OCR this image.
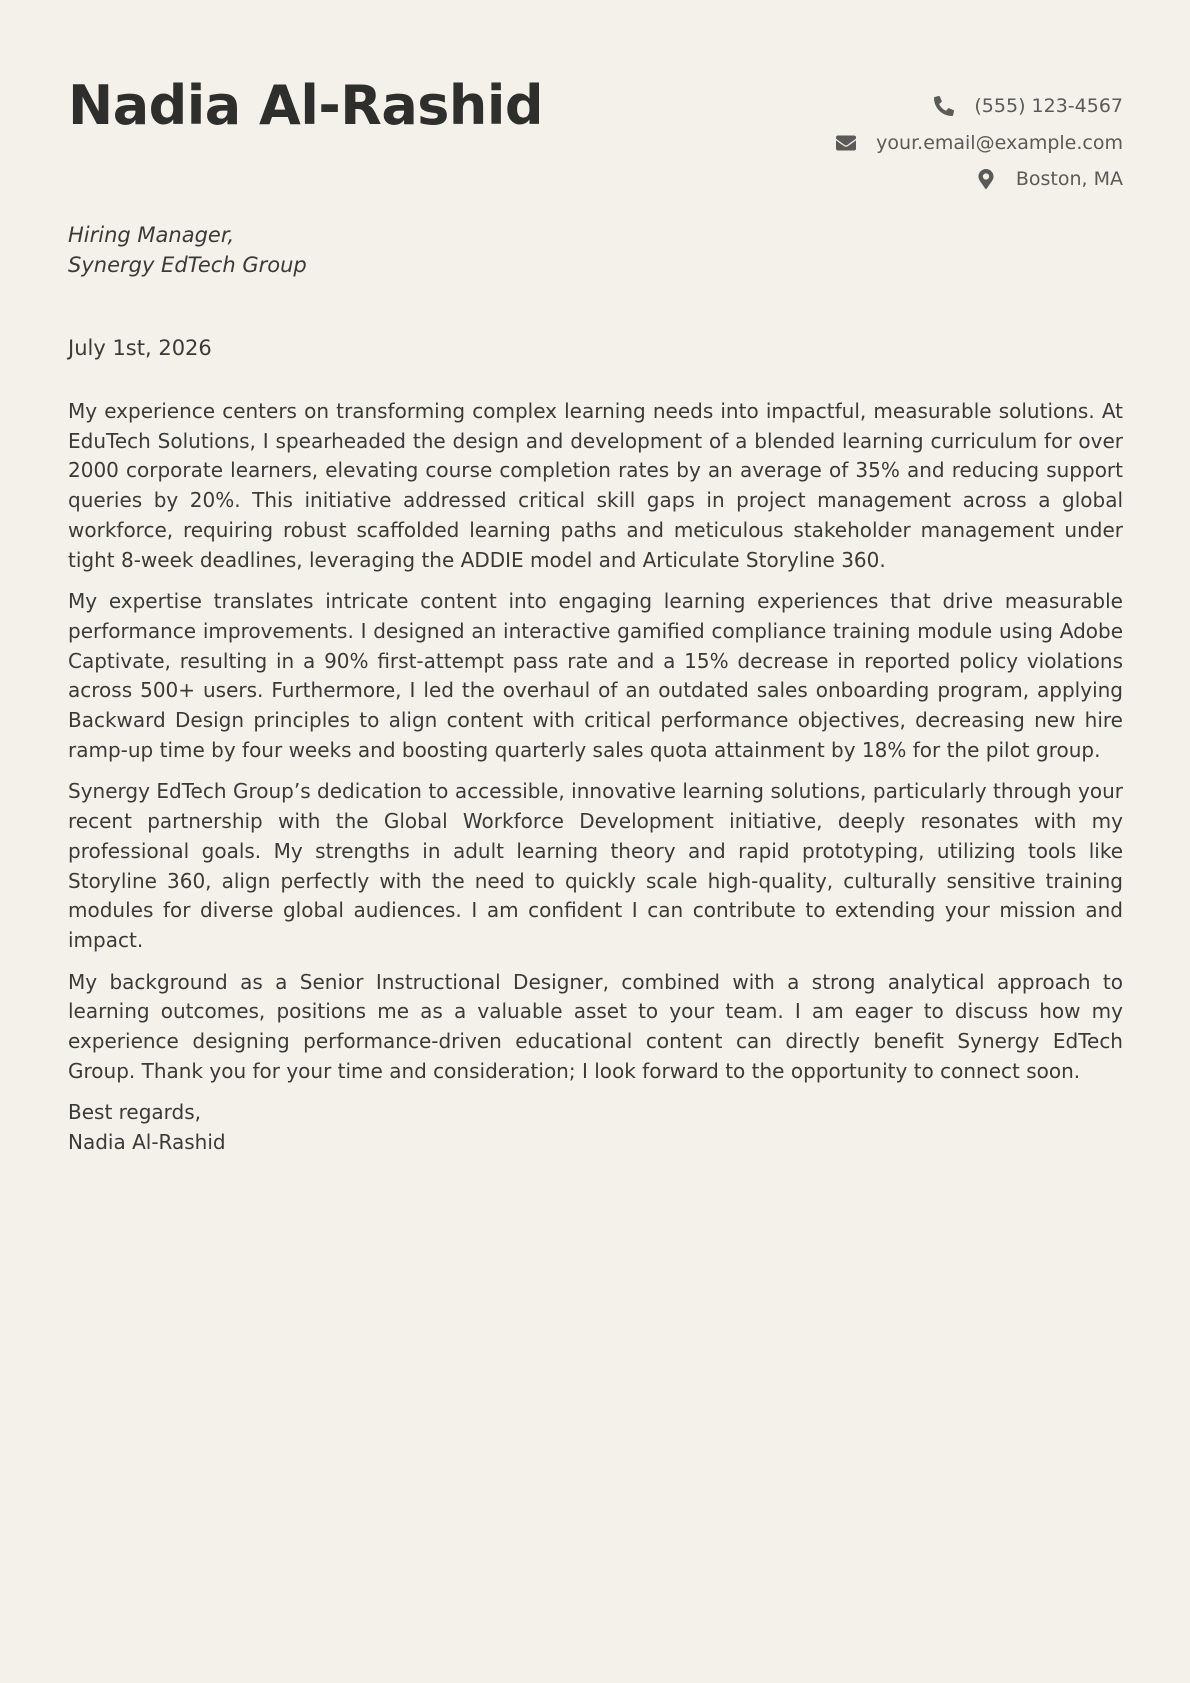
Nadia Al-Rashid	(555) 123-4567
your.email@example.com
Boston, MA
Hiring Manager,
Synergy EdTech Group
July 1st, 2026

My experience centers on transforming complex learning needs into impactful, measurable solutions. At EduTech Solutions, I spearheaded the design and development of a blended learning curriculum for over 2000 corporate learners, elevating course completion rates by an average of 35% and reducing support queries by 20%. This initiative addressed critical skill gaps in project management across a global workforce, requiring robust scaffolded learning paths and meticulous stakeholder management under tight 8-week deadlines, leveraging the ADDIE model and Articulate Storyline 360.

My expertise translates intricate content into engaging learning experiences that drive measurable performance improvements. I designed an interactive gamified compliance training module using Adobe Captivate, resulting in a 90% first-attempt pass rate and a 15% decrease in reported policy violations across 500+ users. Furthermore, I led the overhaul of an outdated sales onboarding program, applying Backward Design principles to align content with critical performance objectives, decreasing new hire ramp-up time by four weeks and boosting quarterly sales quota attainment by 18% for the pilot group.

Synergy EdTech Group’s dedication to accessible, innovative learning solutions, particularly through your recent partnership with the Global Workforce Development initiative, deeply resonates with my professional goals. My strengths in adult learning theory and rapid prototyping, utilizing tools like Storyline 360, align perfectly with the need to quickly scale high-quality, culturally sensitive training modules for diverse global audiences. I am confident I can contribute to extending your mission and impact.

My background as a Senior Instructional Designer, combined with a strong analytical approach to learning outcomes, positions me as a valuable asset to your team. I am eager to discuss how my experience designing performance-driven educational content can directly benefit Synergy EdTech Group. Thank you for your time and consideration; I look forward to the opportunity to connect soon.

Best regards,
Nadia Al-Rashid
